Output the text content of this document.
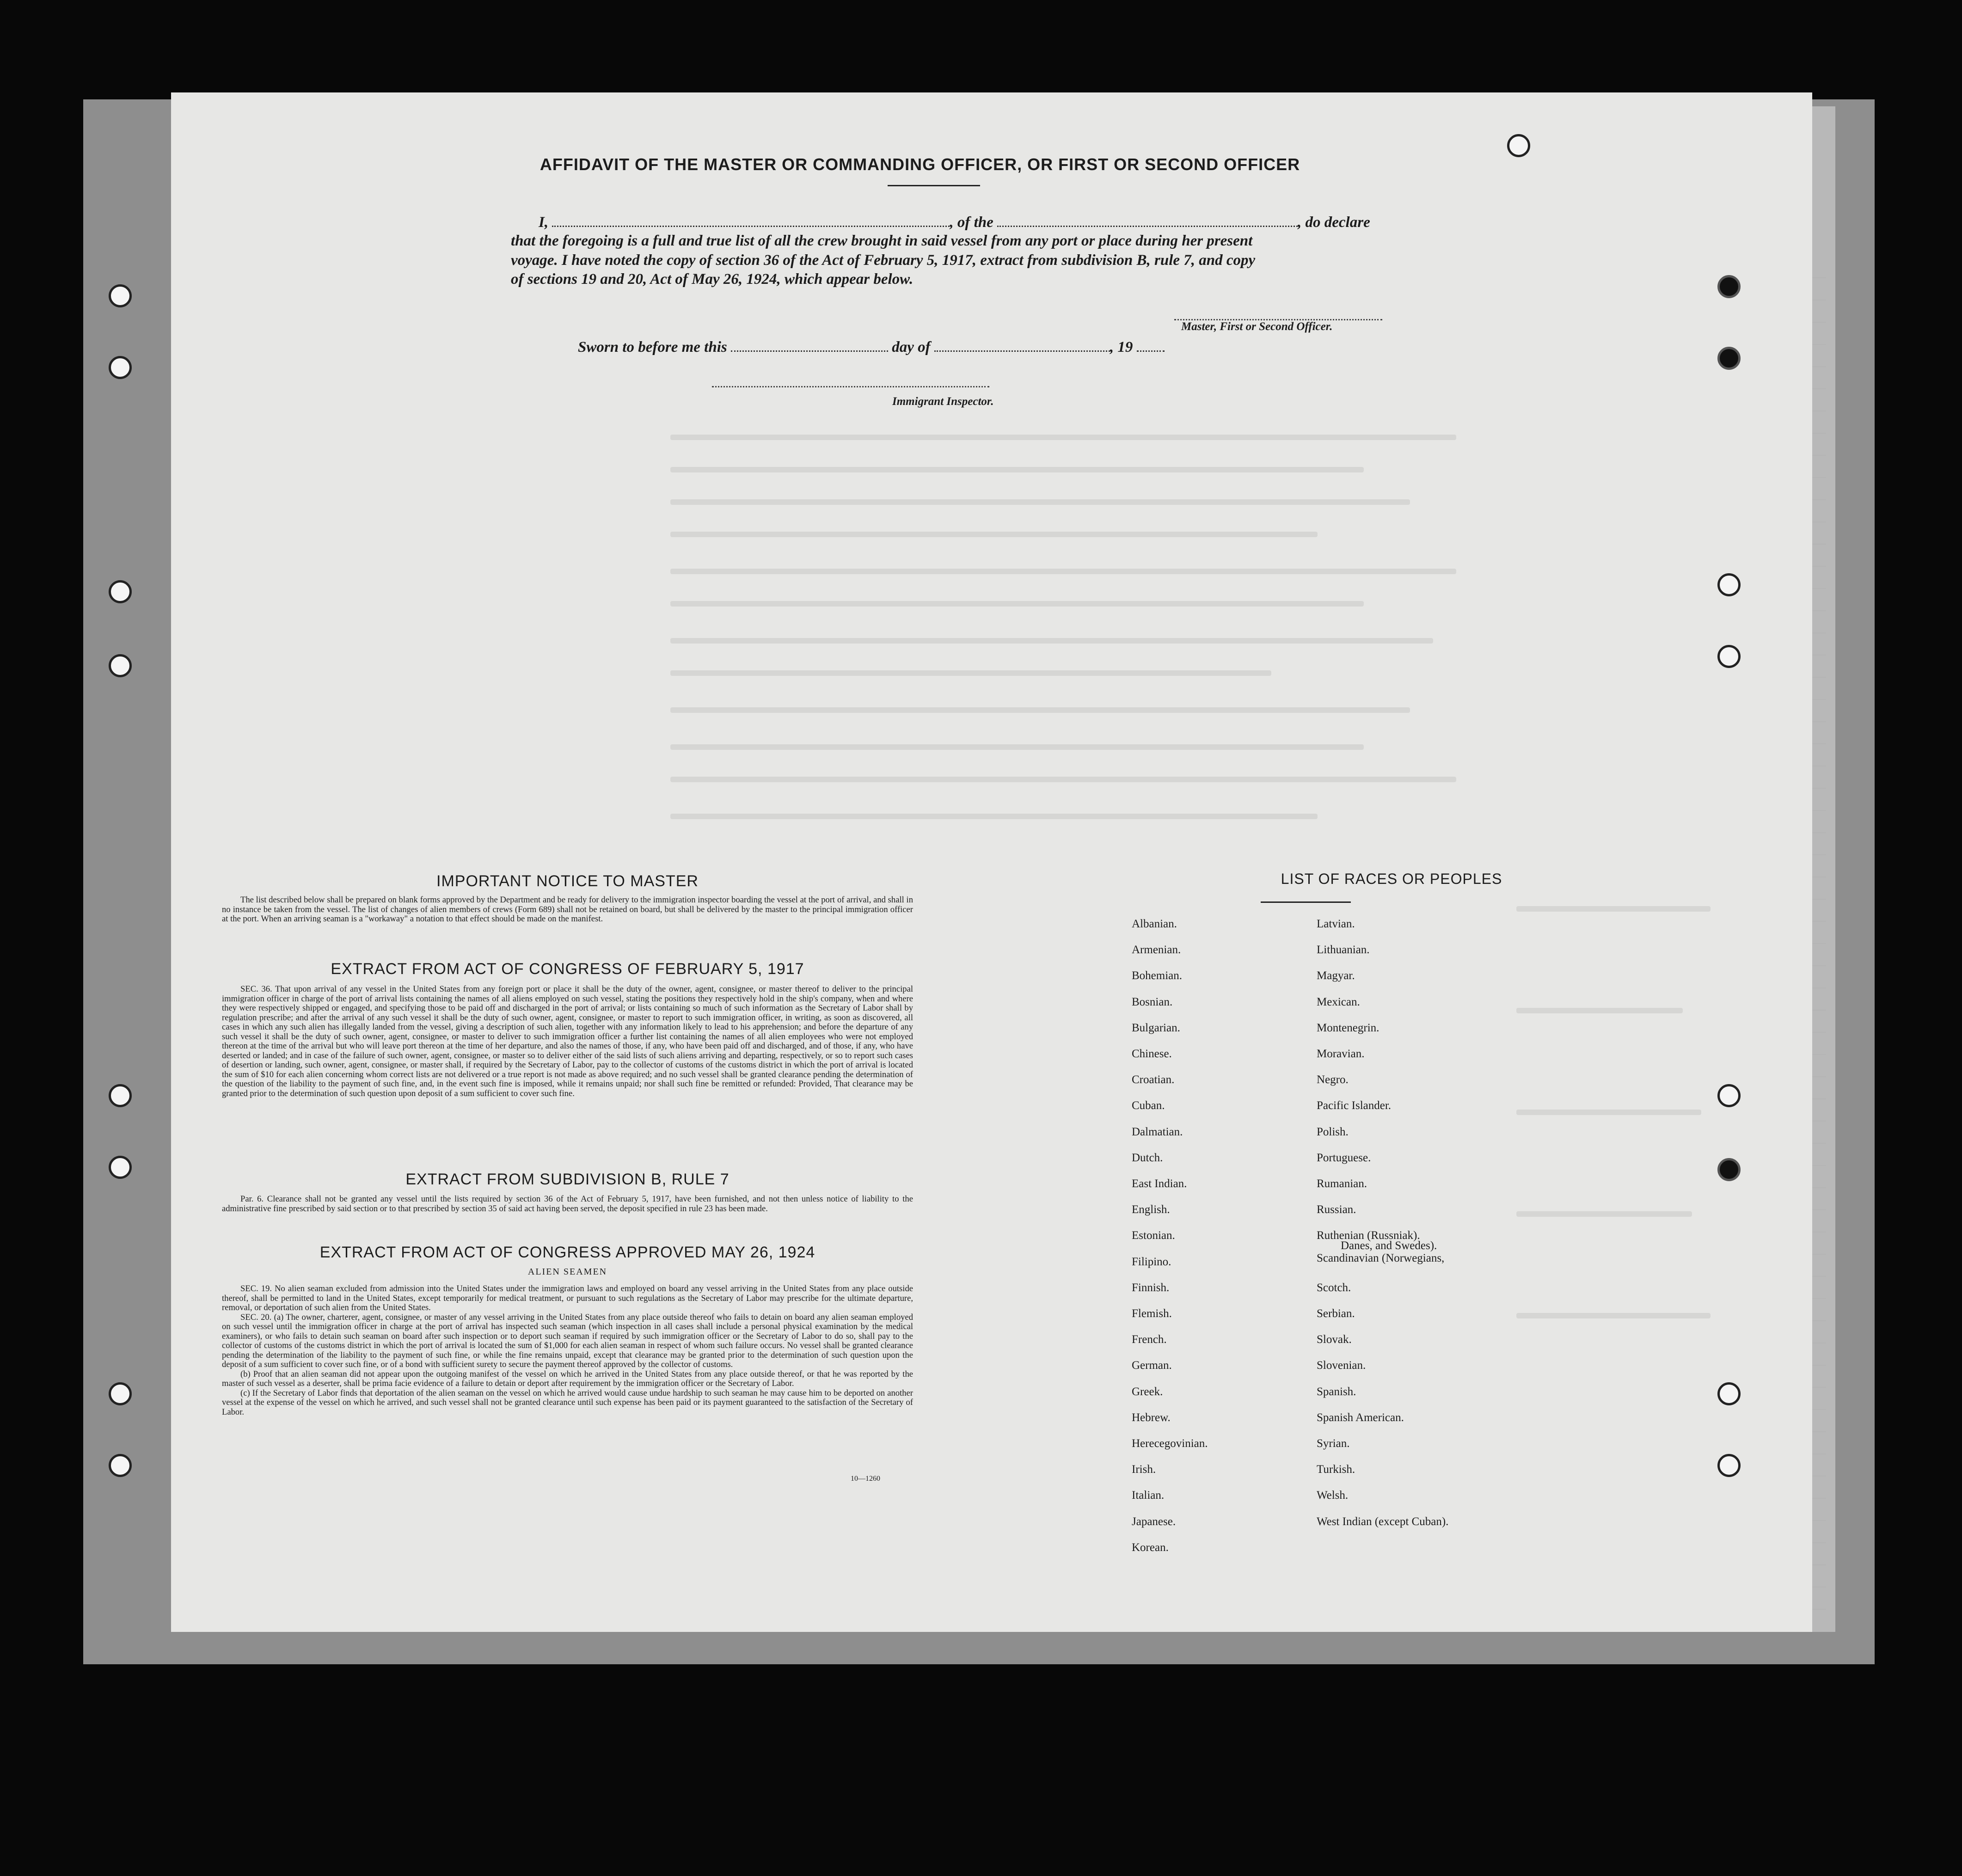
AFFIDAVIT OF THE MASTER OR COMMANDING OFFICER, OR FIRST OR SECOND OFFICER
I,	, of the	, do declare
that the foregoing is a full and true list of all the crew brought in said vessel from any port or place during her present
voyage. I have noted the copy of section 36 of the Act of February 5, 1917, extract from subdivision B, rule 7, and copy
of sections 19 and 20, Act of May 26, 1924, which appear below.
Master, First or Second Officer.
Sworn to before me this	day of	, 19
Immigrant Inspector.
IMPORTANT NOTICE TO MASTER

The list described below shall be prepared on blank forms approved by the Department and be ready for delivery to the immigration inspector boarding the vessel at the port of arrival, and shall in no instance be taken from the vessel. The list of changes of alien members of crews (Form 689) shall not be retained on board, but shall be delivered by the master to the principal immigration officer at the port. When an arriving seaman is a "workaway" a notation to that effect should be made on the manifest.

EXTRACT FROM ACT OF CONGRESS OF FEBRUARY 5, 1917

SEC. 36. That upon arrival of any vessel in the United States from any foreign port or place it shall be the duty of the owner, agent, consignee, or master thereof to deliver to the principal immigration officer in charge of the port of arrival lists containing the names of all aliens employed on such vessel, stating the positions they respectively hold in the ship's company, when and where they were respectively shipped or engaged, and specifying those to be paid off and discharged in the port of arrival; or lists containing so much of such information as the Secretary of Labor shall by regulation prescribe; and after the arrival of any such vessel it shall be the duty of such owner, agent, consignee, or master to report to such immigration officer, in writing, as soon as discovered, all cases in which any such alien has illegally landed from the vessel, giving a description of such alien, together with any information likely to lead to his apprehension; and before the departure of any such vessel it shall be the duty of such owner, agent, consignee, or master to deliver to such immigration officer a further list containing the names of all alien employees who were not employed thereon at the time of the arrival but who will leave port thereon at the time of her departure, and also the names of those, if any, who have been paid off and discharged, and of those, if any, who have deserted or landed; and in case of the failure of such owner, agent, consignee, or master so to deliver either of the said lists of such aliens arriving and departing, respectively, or so to report such cases of desertion or landing, such owner, agent, consignee, or master shall, if required by the Secretary of Labor, pay to the collector of customs of the customs district in which the port of arrival is located the sum of $10 for each alien concerning whom correct lists are not delivered or a true report is not made as above required; and no such vessel shall be granted clearance pending the determination of the question of the liability to the payment of such fine, and, in the event such fine is imposed, while it remains unpaid; nor shall such fine be remitted or refunded: Provided, That clearance may be granted prior to the determination of such question upon deposit of a sum sufficient to cover such fine.

EXTRACT FROM SUBDIVISION B, RULE 7

Par. 6. Clearance shall not be granted any vessel until the lists required by section 36 of the Act of February 5, 1917, have been furnished, and not then unless notice of liability to the administrative fine prescribed by said section or to that prescribed by section 35 of said act having been served, the deposit specified in rule 23 has been made.

EXTRACT FROM ACT OF CONGRESS APPROVED MAY 26, 1924
ALIEN SEAMEN

SEC. 19. No alien seaman excluded from admission into the United States under the immigration laws and employed on board any vessel arriving in the United States from any place outside thereof, shall be permitted to land in the United States, except temporarily for medical treatment, or pursuant to such regulations as the Secretary of Labor may prescribe for the ultimate departure, removal, or deportation of such alien from the United States.

SEC. 20. (a) The owner, charterer, agent, consignee, or master of any vessel arriving in the United States from any place outside thereof who fails to detain on board any alien seaman employed on such vessel until the immigration officer in charge at the port of arrival has inspected such seaman (which inspection in all cases shall include a personal physical examination by the medical examiners), or who fails to detain such seaman on board after such inspection or to deport such seaman if required by such immigration officer or the Secretary of Labor to do so, shall pay to the collector of customs of the customs district in which the port of arrival is located the sum of $1,000 for each alien seaman in respect of whom such failure occurs. No vessel shall be granted clearance pending the determination of the liability to the payment of such fine, or while the fine remains unpaid, except that clearance may be granted prior to the determination of such question upon the deposit of a sum sufficient to cover such fine, or of a bond with sufficient surety to secure the payment thereof approved by the collector of customs.

(b) Proof that an alien seaman did not appear upon the outgoing manifest of the vessel on which he arrived in the United States from any place outside thereof, or that he was reported by the master of such vessel as a deserter, shall be prima facie evidence of a failure to detain or deport after requirement by the immigration officer or the Secretary of Labor.

(c) If the Secretary of Labor finds that deportation of the alien seaman on the vessel on which he arrived would cause undue hardship to such seaman he may cause him to be deported on another vessel at the expense of the vessel on which he arrived, and such vessel shall not be granted clearance until such expense has been paid or its payment guaranteed to the satisfaction of the Secretary of Labor.

10—1260
LIST OF RACES OR PEOPLES
Albanian.
Armenian.
Bohemian.
Bosnian.
Bulgarian.
Chinese.
Croatian.
Cuban.
Dalmatian.
Dutch.
East Indian.
English.
Estonian.
Filipino.
Finnish.
Flemish.
French.
German.
Greek.
Hebrew.
Herecegovinian.
Irish.
Italian.
Japanese.
Korean.
Latvian.
Lithuanian.
Magyar.
Mexican.
Montenegrin.
Moravian.
Negro.
Pacific Islander.
Polish.
Portuguese.
Rumanian.
Russian.
Ruthenian (Russniak).
Scandinavian (Norwegians,
Danes, and Swedes).
Scotch.
Serbian.
Slovak.
Slovenian.
Spanish.
Spanish American.
Syrian.
Turkish.
Welsh.
West Indian (except Cuban).
